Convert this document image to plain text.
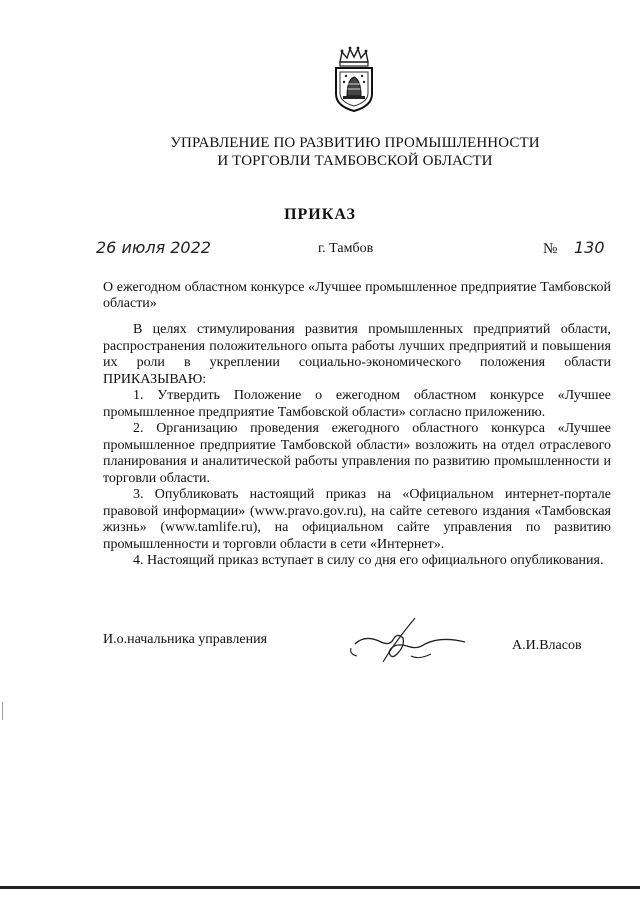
УПРАВЛЕНИЕ ПО РАЗВИТИЮ ПРОМЫШЛЕННОСТИ
И ТОРГОВЛИ ТАМБОВСКОЙ ОБЛАСТИ
ПРИКАЗ
26 июля 2022	г. Тамбов	№ 130
О ежегодном областном конкурсе «Лучшее промышленное предприятие Тамбовской области»

В целях стимулирования развития промышленных предприятий области, распространения положительного опыта работы лучших предприятий и повышения их роли в укреплении социально-экономического положения области ПРИКАЗЫВАЮ:

1. Утвердить Положение о ежегодном областном конкурсе «Лучшее промышленное предприятие Тамбовской области» согласно приложению.

2. Организацию проведения ежегодного областного конкурса «Лучшее промышленное предприятие Тамбовской области» возложить на отдел отраслевого планирования и аналитической работы управления по развитию промышленности и торговли области.

3. Опубликовать настоящий приказ на «Официальном интернет-портале правовой информации» (www.pravo.gov.ru), на сайте сетевого издания «Тамбовская жизнь» (www.tamlife.ru), на официальном сайте управления по развитию промышленности и торговли области в сети «Интернет».

4. Настоящий приказ вступает в силу со дня его официального опубликования.

И.о.начальника управления	А.И.Власов
